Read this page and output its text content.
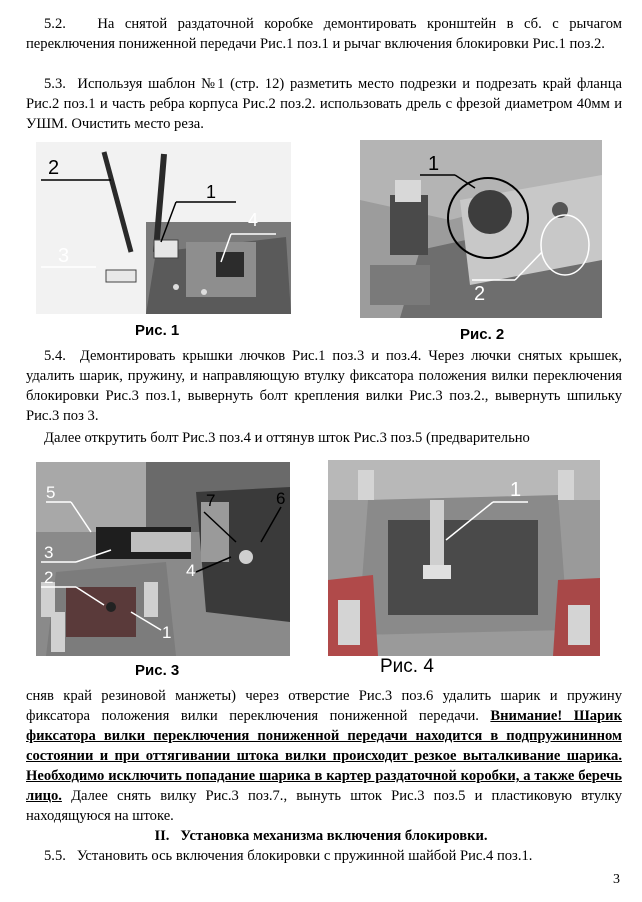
5.2.   На снятой раздаточной коробке демонтировать кронштейн в сб. с рычагом переключения пониженной передачи Рис.1 поз.1 и рычаг включения блокировки Рис.1 поз.2.

5.3.  Используя шаблон №1 (стр. 12) разметить место подрезки и подрезать край фланца Рис.2 поз.1 и часть ребра корпуса Рис.2 поз.2. использовать дрель с фрезой диаметром 40мм и УШМ. Очистить место реза.

2
1
4
3
Рис. 1
1
2
Рис. 2

5.4.  Демонтировать крышки лючков Рис.1 поз.3 и поз.4. Через лючки снятых крышек, удалить шарик, пружину, и направляющую втулку фиксатора положения вилки переключения блокировки Рис.3 поз.1, вывернуть болт крепления вилки Рис.3 поз.2., вывернуть шпильку Рис.3 поз 3.

Далее открутить болт Рис.3 поз.4 и оттянув шток Рис.3 поз.5 (предварительно

5
3
2
1
7
4
6
Рис. 3
1
Рис. 4

сняв край резиновой манжеты) через отверстие Рис.3 поз.6 удалить шарик и пружину фиксатора положения вилки переключения пониженной передачи. Внимание! Шарик фиксатора вилки переключения пониженной передачи находится в подпружининном состоянии и при оттягивании штока вилки происходит резкое выталкивание шарика. Необходимо исключить попадание шарика в картер раздаточной коробки, а также беречь лицо. Далее снять вилку Рис.3 поз.7., вынуть шток Рис.3 поз.5 и пластиковую втулку находящуюся на штоке.

II.   Установка механизма включения блокировки.

5.5.   Установить ось включения блокировки с пружинной шайбой Рис.4 поз.1.

3
